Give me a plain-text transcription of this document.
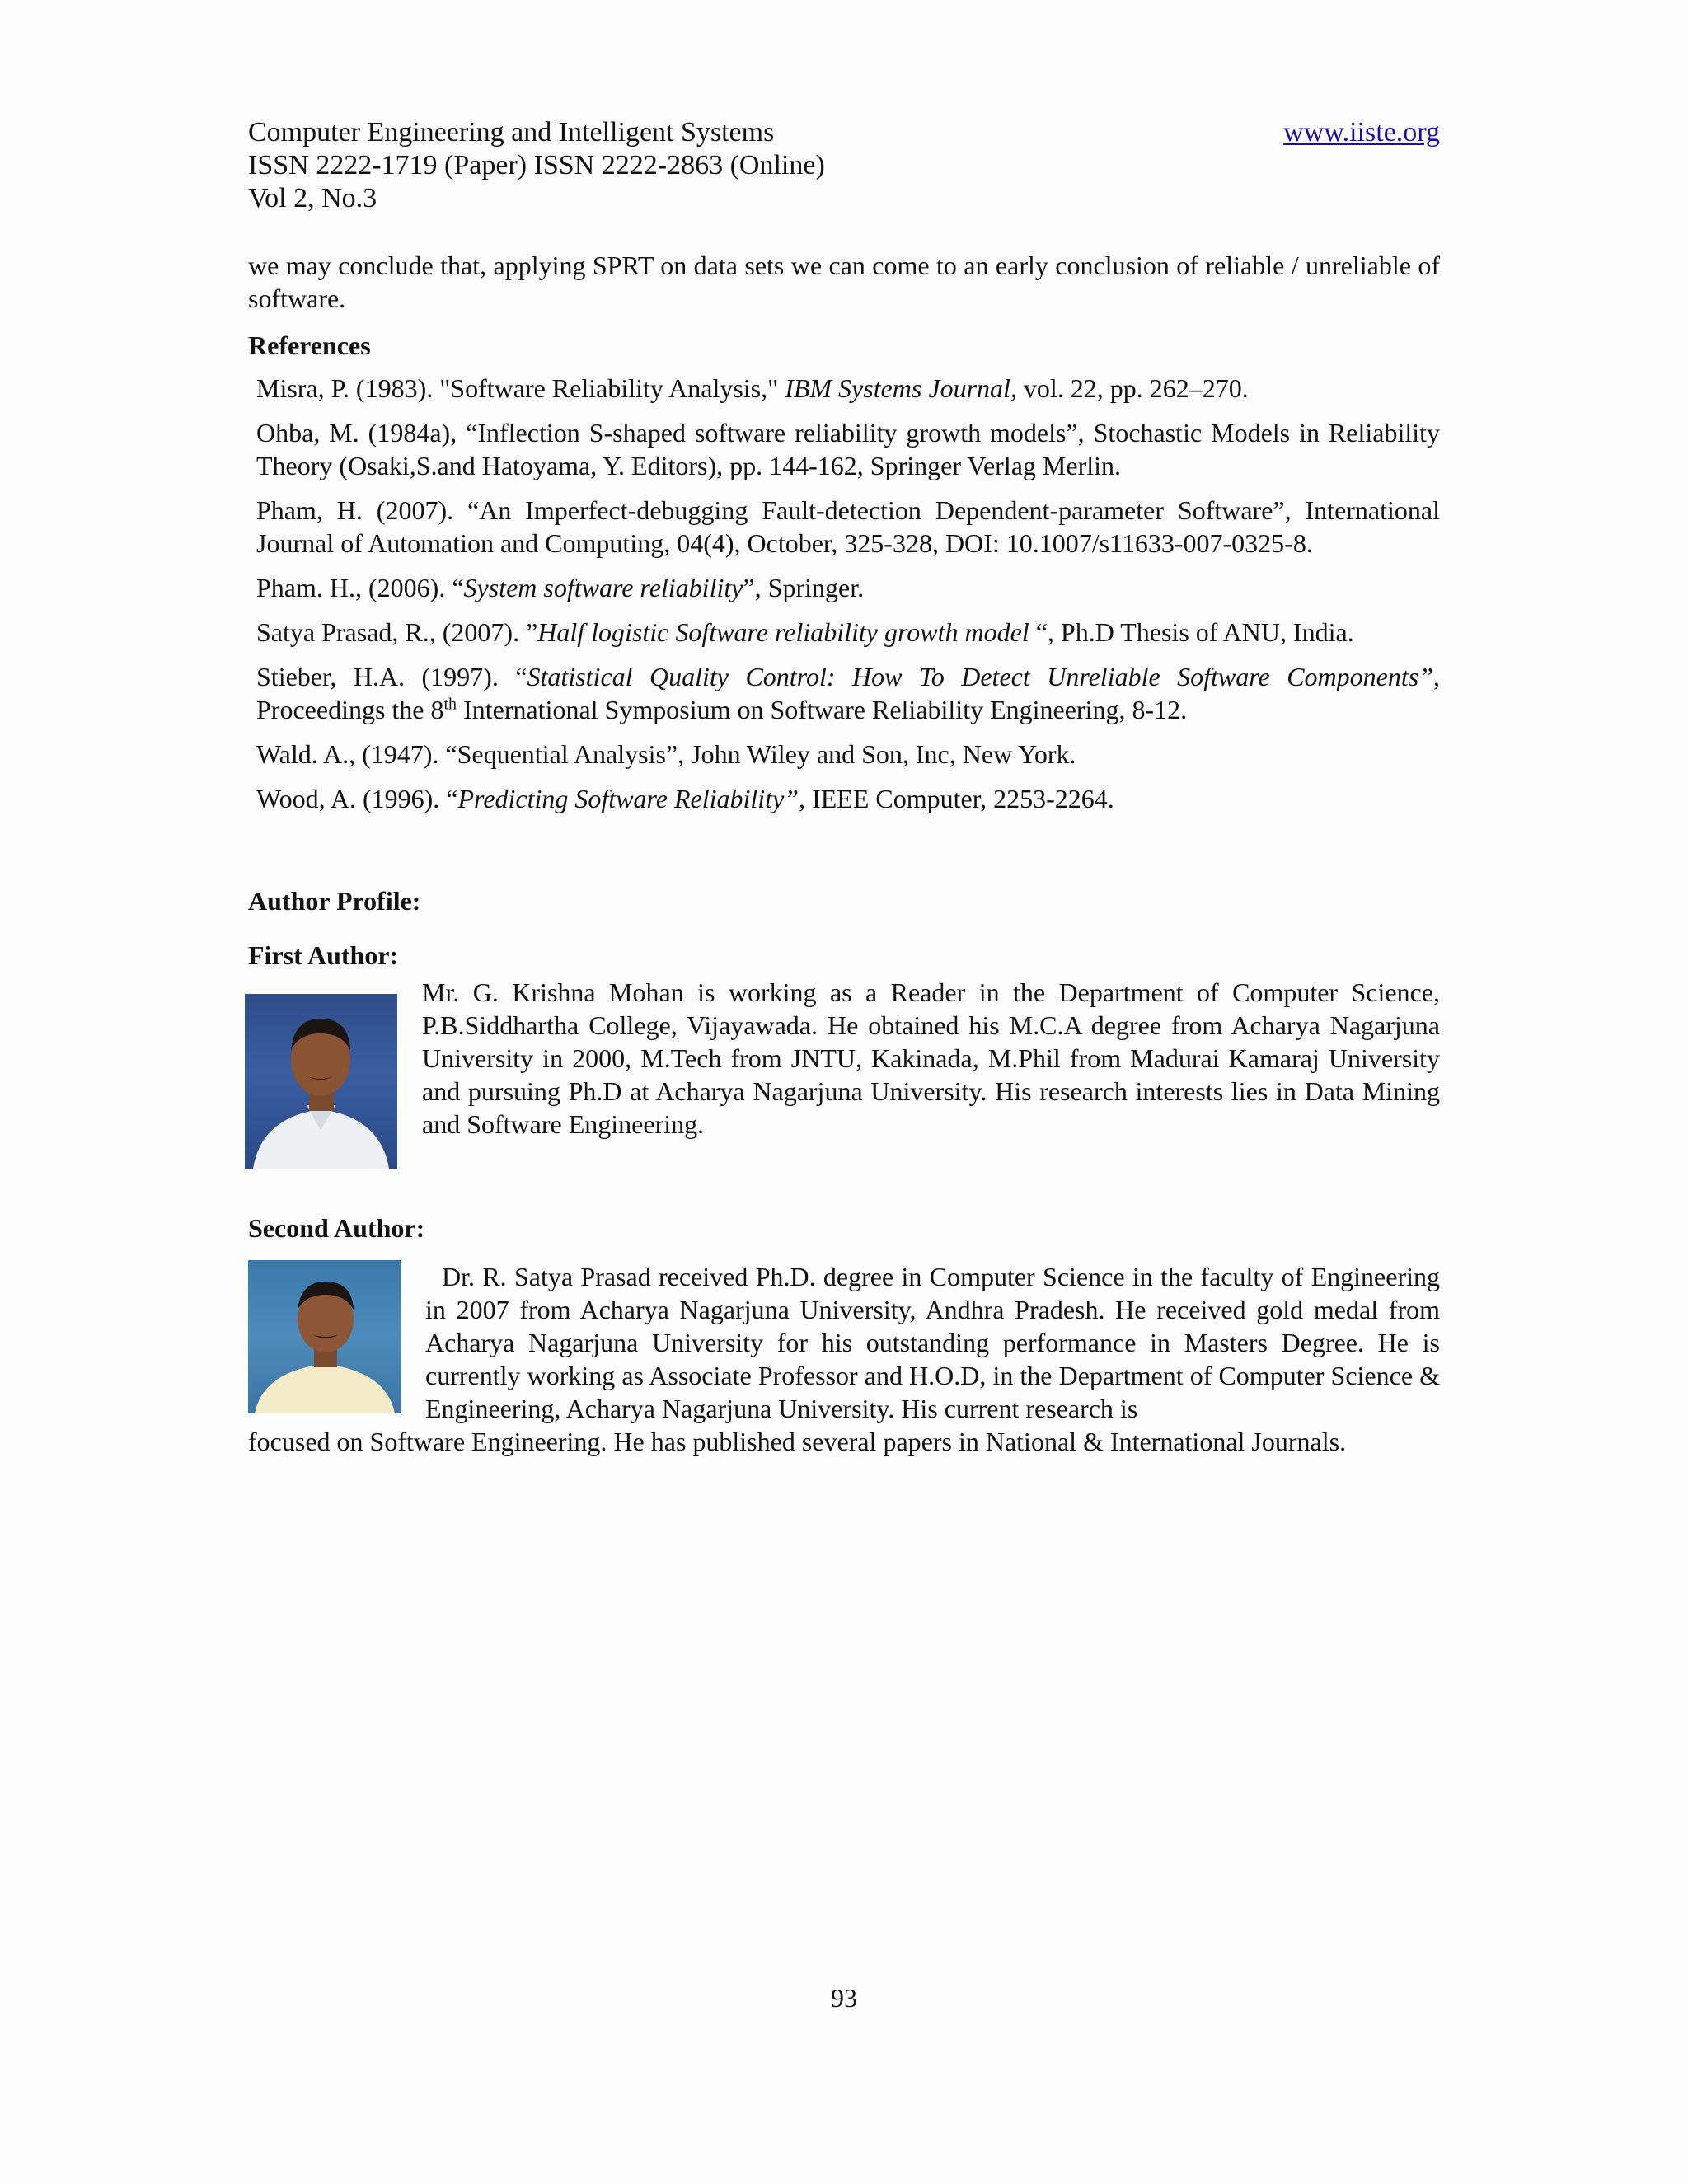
Computer Engineering and Intelligent Systems	www.iiste.org
ISSN 2222-1719 (Paper) ISSN 2222-2863 (Online)
Vol 2, No.3
we may conclude that, applying SPRT on data sets we can come to an early conclusion of reliable / unreliable of software.
References
Misra, P. (1983). "Software Reliability Analysis," IBM Systems Journal, vol. 22, pp. 262–270.
Ohba, M. (1984a), “Inflection S-shaped software reliability growth models”, Stochastic Models in Reliability Theory (Osaki,S.and Hatoyama, Y. Editors), pp. 144-162, Springer Verlag Merlin.
Pham, H. (2007). “An Imperfect-debugging Fault-detection Dependent-parameter Software”, International Journal of Automation and Computing, 04(4), October, 325-328, DOI: 10.1007/s11633-007-0325-8.
Pham. H., (2006). “System software reliability”, Springer.
Satya Prasad, R., (2007). ”Half logistic Software reliability growth model “, Ph.D Thesis of ANU, India.
Stieber, H.A. (1997). “Statistical Quality Control: How To Detect Unreliable Software Components”, Proceedings the 8th International Symposium on Software Reliability Engineering, 8-12.
Wald. A., (1947). “Sequential Analysis”, John Wiley and Son, Inc, New York.
Wood, A. (1996). “Predicting Software Reliability”, IEEE Computer, 2253-2264.
Author Profile:
First Author:
Mr. G. Krishna Mohan is working as a Reader in the Department of Computer Science, P.B.Siddhartha College, Vijayawada. He obtained his M.C.A degree from Acharya Nagarjuna University in 2000, M.Tech from JNTU, Kakinada, M.Phil from Madurai Kamaraj University and pursuing Ph.D at Acharya Nagarjuna University. His research interests lies in Data Mining and Software Engineering.
Second Author:
Dr. R. Satya Prasad received Ph.D. degree in Computer Science in the faculty of Engineering in 2007 from Acharya Nagarjuna University, Andhra Pradesh. He received gold medal from Acharya Nagarjuna University for his outstanding performance in Masters Degree. He is currently working as Associate Professor and H.O.D, in the Department of Computer Science & Engineering, Acharya Nagarjuna University. His current research is
focused on Software Engineering. He has published several papers in National & International Journals.
93
